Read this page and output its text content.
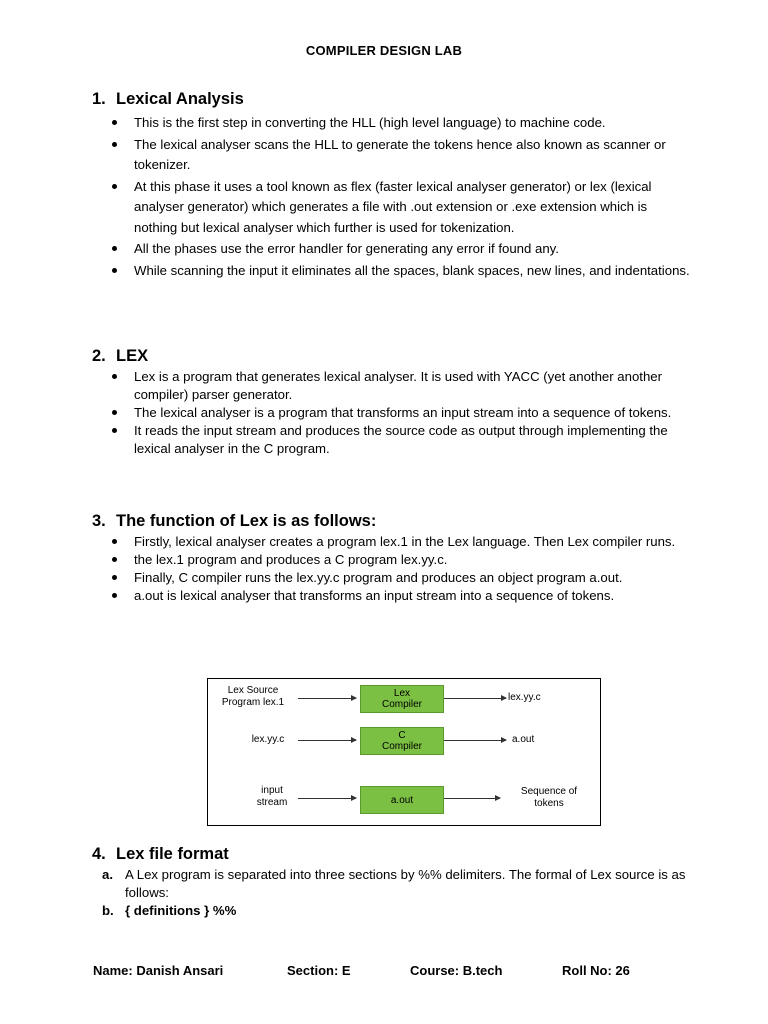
COMPILER DESIGN LAB
1. Lexical Analysis
This is the first step in converting the HLL (high level language) to machine code.
The lexical analyser scans the HLL to generate the tokens hence also known as scanner or tokenizer.
At this phase it uses a tool known as flex (faster lexical analyser generator) or lex (lexical analyser generator) which generates a file with .out extension or .exe extension which is nothing but lexical analyser which further is used for tokenization.
All the phases use the error handler for generating any error if found any.
While scanning the input it eliminates all the spaces, blank spaces, new lines, and indentations.
2. LEX
Lex is a program that generates lexical analyser. It is used with YACC (yet another another compiler) parser generator.
The lexical analyser is a program that transforms an input stream into a sequence of tokens.
It reads the input stream and produces the source code as output through implementing the lexical analyser in the C program.
3. The function of Lex is as follows:
Firstly, lexical analyser creates a program lex.1 in the Lex language. Then Lex compiler runs.
the lex.1 program and produces a C program lex.yy.c.
Finally, C compiler runs the lex.yy.c program and produces an object program a.out.
a.out is lexical analyser that transforms an input stream into a sequence of tokens.
Lex Source
Program lex.1
Lex
Compiler
lex.yy.c
lex.yy.c	C
Compiler
a.out
input
stream	a.out
Sequence of
tokens
4. Lex file format
a. A Lex program is separated into three sections by %% delimiters. The formal of Lex source is as follows:
b. { definitions } %%
Name: Danish Ansari	Section: E	Course: B.tech	Roll No: 26
